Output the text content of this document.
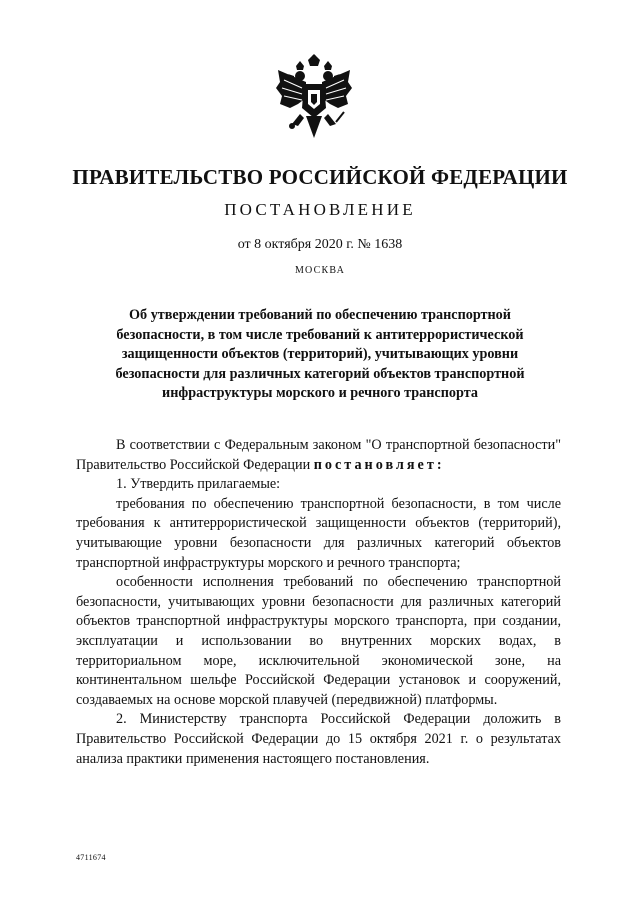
ПРАВИТЕЛЬСТВО РОССИЙСКОЙ ФЕДЕРАЦИИ
ПОСТАНОВЛЕНИЕ
от 8 октября 2020 г. № 1638
МОСКВА
Об утверждении требований по обеспечению транспортной безопасности, в том числе требований к антитеррористической защищенности объектов (территорий), учитывающих уровни безопасности для различных категорий объектов транспортной инфраструктуры морского и речного транспорта
В соответствии с Федеральным законом "О транспортной безопасности" Правительство Российской Федерации постановляет:
1. Утвердить прилагаемые:
требования по обеспечению транспортной безопасности, в том числе требования к антитеррористической защищенности объектов (территорий), учитывающие уровни безопасности для различных категорий объектов транспортной инфраструктуры морского и речного транспорта;
особенности исполнения требований по обеспечению транспортной безопасности, учитывающих уровни безопасности для различных категорий объектов транспортной инфраструктуры морского транспорта, при создании, эксплуатации и использовании во внутренних морских водах, в территориальном море, исключительной экономической зоне, на континентальном шельфе Российской Федерации установок и сооружений, создаваемых на основе морской плавучей (передвижной) платформы.
2. Министерству транспорта Российской Федерации доложить в Правительство Российской Федерации до 15 октября 2021 г. о результатах анализа практики применения настоящего постановления.
4711674
